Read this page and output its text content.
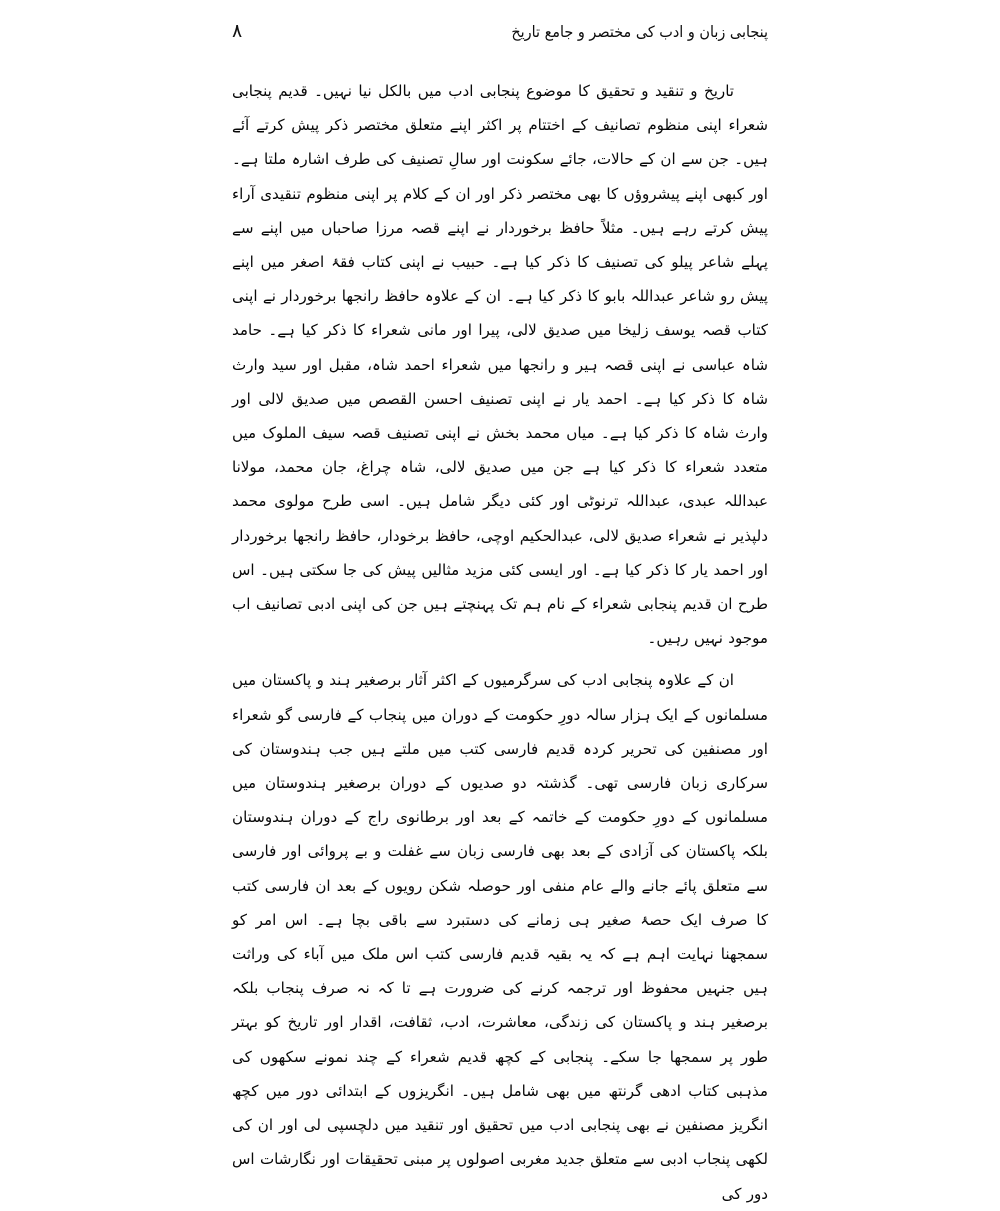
۸	پنجابی زبان و ادب کی مختصر و جامع تاریخ

تاریخ و تنقید و تحقیق کا موضوع پنجابی ادب میں بالکل نیا نہیں۔ قدیم پنجابی شعراء اپنی منظوم تصانیف کے اختتام پر اکثر اپنے متعلق مختصر ذکر پیش کرتے آئے ہیں۔ جن سے ان کے حالات، جائے سکونت اور سالِ تصنیف کی طرف اشارہ ملتا ہے۔ اور کبھی اپنے پیشروؤں کا بھی مختصر ذکر اور ان کے کلام پر اپنی منظوم تنقیدی آراء پیش کرتے رہے ہیں۔ مثلاً حافظ برخوردار نے اپنے قصہ مرزا صاحباں میں اپنے سے پہلے شاعر پیلو کی تصنیف کا ذکر کیا ہے۔ حبیب نے اپنی کتاب فقۂ اصغر میں اپنے پیش رو شاعر عبداللہ بابو کا ذکر کیا ہے۔ ان کے علاوہ حافظ رانجھا برخوردار نے اپنی کتاب قصہ یوسف زلیخا میں صدیق لالی، پیرا اور مانی شعراء کا ذکر کیا ہے۔ حامد شاہ عباسی نے اپنی قصہ ہیر و رانجھا میں شعراء احمد شاہ، مقبل اور سید وارث شاہ کا ذکر کیا ہے۔ احمد یار نے اپنی تصنیف احسن القصص میں صدیق لالی اور وارث شاہ کا ذکر کیا ہے۔ میاں محمد بخش نے اپنی تصنیف قصہ سیف الملوک میں متعدد شعراء کا ذکر کیا ہے جن میں صدیق لالی، شاہ چراغ، جان محمد، مولانا عبداللہ عبدی، عبداللہ ترنوٹی اور کئی دیگر شامل ہیں۔ اسی طرح مولوی محمد دلپذیر نے شعراء صدیق لالی، عبدالحکیم اوچی، حافظ برخودار، حافظ رانجھا برخوردار اور احمد یار کا ذکر کیا ہے۔ اور ایسی کئی مزید مثالیں پیش کی جا سکتی ہیں۔ اس طرح ان قدیم پنجابی شعراء کے نام ہم تک پہنچتے ہیں جن کی اپنی ادبی تصانیف اب موجود نہیں رہیں۔

ان کے علاوہ پنجابی ادب کی سرگرمیوں کے اکثر آثار برصغیر ہند و پاکستان میں مسلمانوں کے ایک ہزار سالہ دورِ حکومت کے دوران میں پنجاب کے فارسی گو شعراء اور مصنفین کی تحریر کردہ قدیم فارسی کتب میں ملتے ہیں جب ہندوستان کی سرکاری زبان فارسی تھی۔ گذشتہ دو صدیوں کے دوران برصغیر ہندوستان میں مسلمانوں کے دورِ حکومت کے خاتمہ کے بعد اور برطانوی راج کے دوران ہندوستان بلکہ پاکستان کی آزادی کے بعد بھی فارسی زبان سے غفلت و بے پروائی اور فارسی سے متعلق پائے جانے والے عام منفی اور حوصلہ شکن رویوں کے بعد ان فارسی کتب کا صرف ایک حصۂ صغیر ہی زمانے کی دستبرد سے باقی بچا ہے۔ اس امر کو سمجھنا نہایت اہم ہے کہ یہ بقیہ قدیم فارسی کتب اس ملک میں آباء کی وراثت ہیں جنہیں محفوظ اور ترجمہ کرنے کی ضرورت ہے تا کہ نہ صرف پنجاب بلکہ برصغیر ہند و پاکستان کی زندگی، معاشرت، ادب، ثقافت، اقدار اور تاریخ کو بہتر طور پر سمجھا جا سکے۔ پنجابی کے کچھ قدیم شعراء کے چند نمونے سکھوں کی مذہبی کتاب ادھی گرنتھ میں بھی شامل ہیں۔ انگریزوں کے ابتدائی دور میں کچھ انگریز مصنفین نے بھی پنجابی ادب میں تحقیق اور تنقید میں دلچسپی لی اور ان کی لکھی پنجاب ادبی سے متعلق جدید مغربی اصولوں پر مبنی تحقیقات اور نگارشات اس دور کی
